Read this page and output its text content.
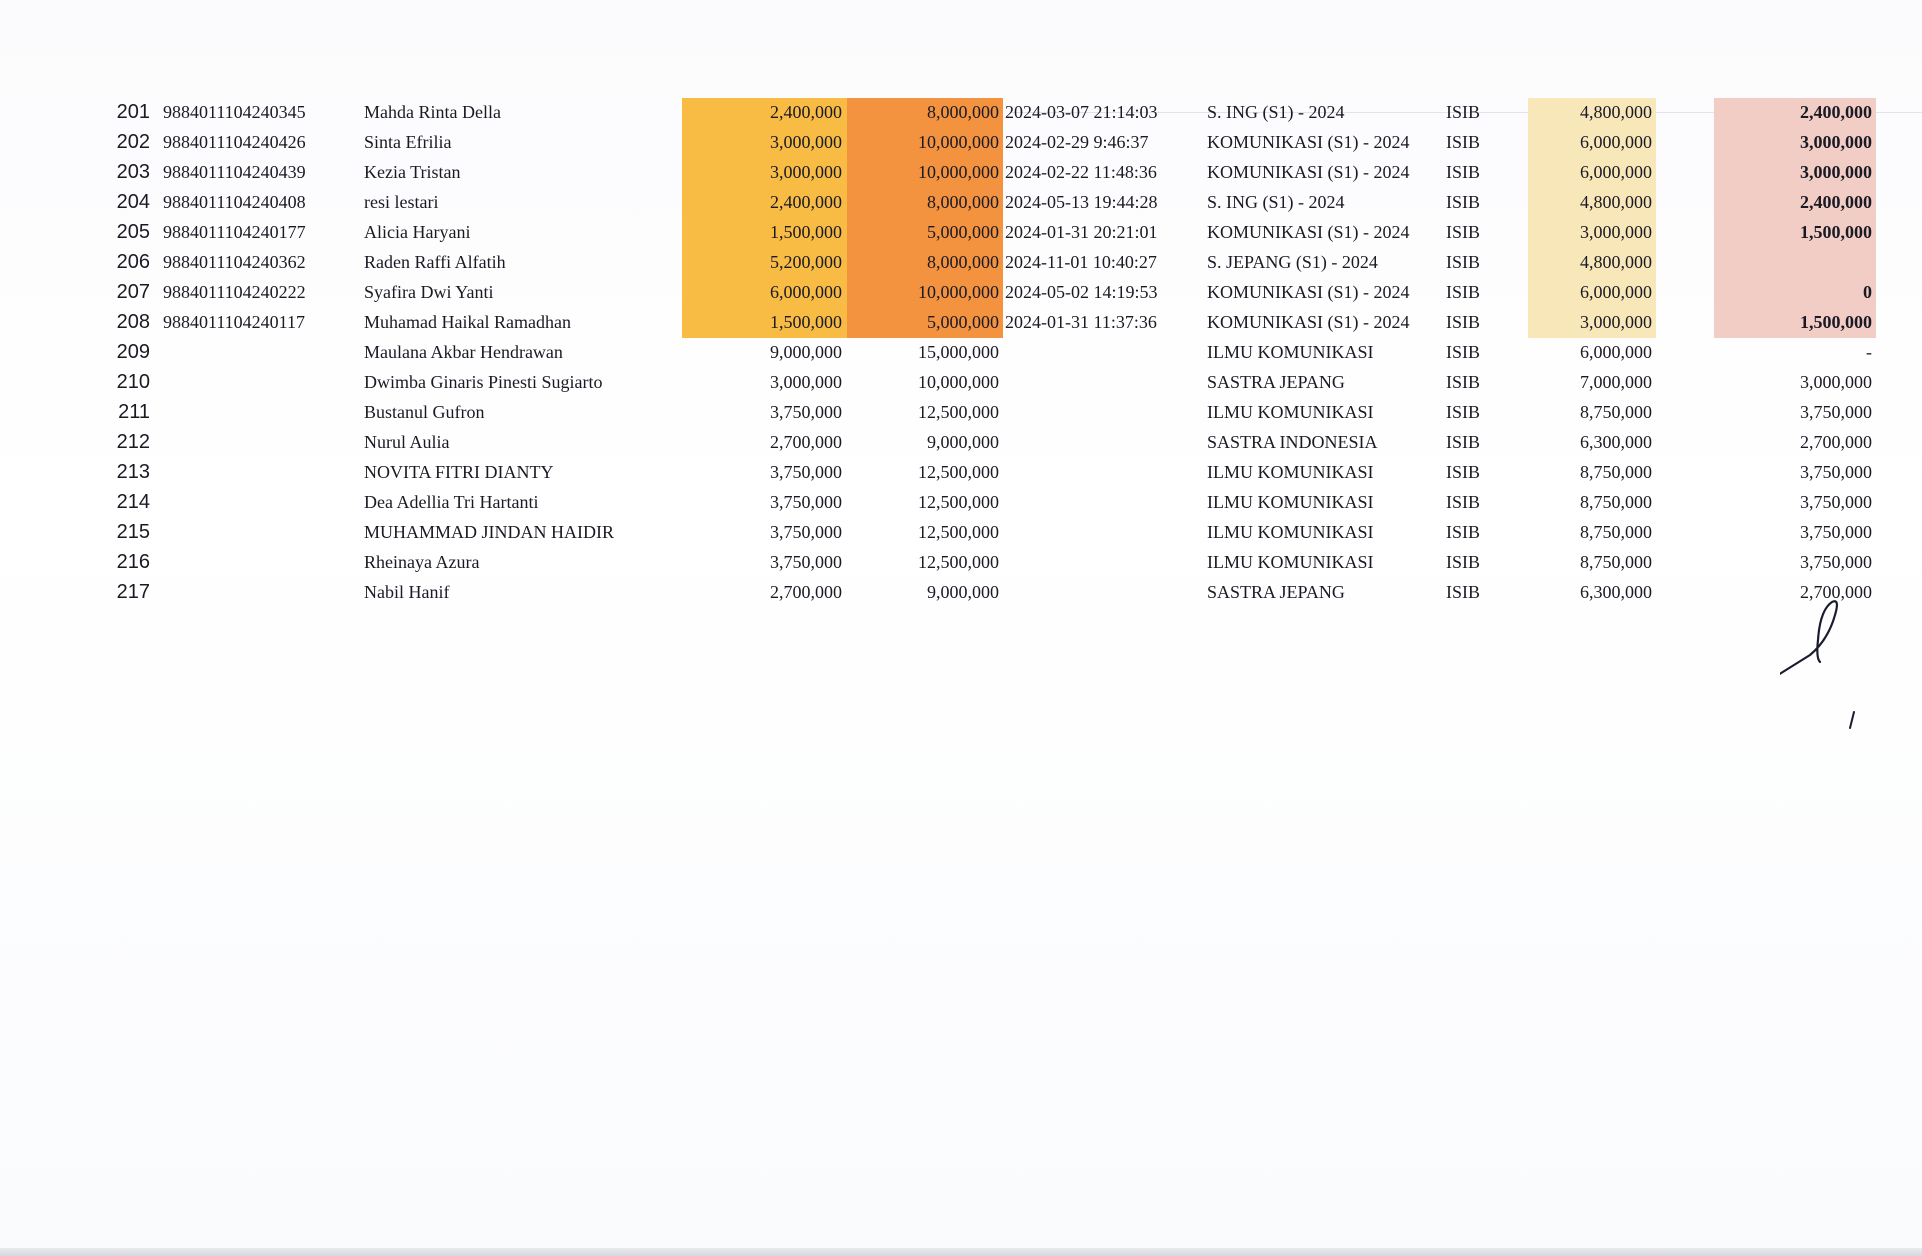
201 9884011104240345	Mahda Rinta Della	2,400,000	8,000,000 2024-03-07 21:14:03	S. ING (S1) - 2024	ISIB	4,800,000	2,400,000
202 9884011104240426	Sinta Efrilia	3,000,000	10,000,000 2024-02-29 9:46:37	KOMUNIKASI (S1) - 2024	ISIB	6,000,000	3,000,000
203 9884011104240439	Kezia Tristan	3,000,000	10,000,000 2024-02-22 11:48:36	KOMUNIKASI (S1) - 2024	ISIB	6,000,000	3,000,000
204 9884011104240408	resi lestari	2,400,000	8,000,000 2024-05-13 19:44:28	S. ING (S1) - 2024	ISIB	4,800,000	2,400,000
205 9884011104240177	Alicia Haryani	1,500,000	5,000,000 2024-01-31 20:21:01	KOMUNIKASI (S1) - 2024	ISIB	3,000,000	1,500,000
206 9884011104240362	Raden Raffi Alfatih	5,200,000	8,000,000 2024-11-01 10:40:27	S. JEPANG (S1) - 2024	ISIB	4,800,000
207 9884011104240222	Syafira Dwi Yanti	6,000,000	10,000,000 2024-05-02 14:19:53	KOMUNIKASI (S1) - 2024	ISIB	6,000,000	0
208 9884011104240117	Muhamad Haikal Ramadhan	1,500,000	5,000,000 2024-01-31 11:37:36	KOMUNIKASI (S1) - 2024	ISIB	3,000,000	1,500,000
209	Maulana Akbar Hendrawan	9,000,000	15,000,000	ILMU KOMUNIKASI	ISIB	6,000,000	-
210	Dwimba Ginaris Pinesti Sugiarto	3,000,000	10,000,000	SASTRA JEPANG	ISIB	7,000,000	3,000,000
211	Bustanul Gufron	3,750,000	12,500,000	ILMU KOMUNIKASI	ISIB	8,750,000	3,750,000
212	Nurul Aulia	2,700,000	9,000,000	SASTRA INDONESIA	ISIB	6,300,000	2,700,000
213	NOVITA FITRI DIANTY	3,750,000	12,500,000	ILMU KOMUNIKASI	ISIB	8,750,000	3,750,000
214	Dea Adellia Tri Hartanti	3,750,000	12,500,000	ILMU KOMUNIKASI	ISIB	8,750,000	3,750,000
215	MUHAMMAD JINDAN HAIDIR	3,750,000	12,500,000	ILMU KOMUNIKASI	ISIB	8,750,000	3,750,000
216	Rheinaya Azura	3,750,000	12,500,000	ILMU KOMUNIKASI	ISIB	8,750,000	3,750,000
217	Nabil Hanif	2,700,000	9,000,000	SASTRA JEPANG	ISIB	6,300,000	2,700,000
